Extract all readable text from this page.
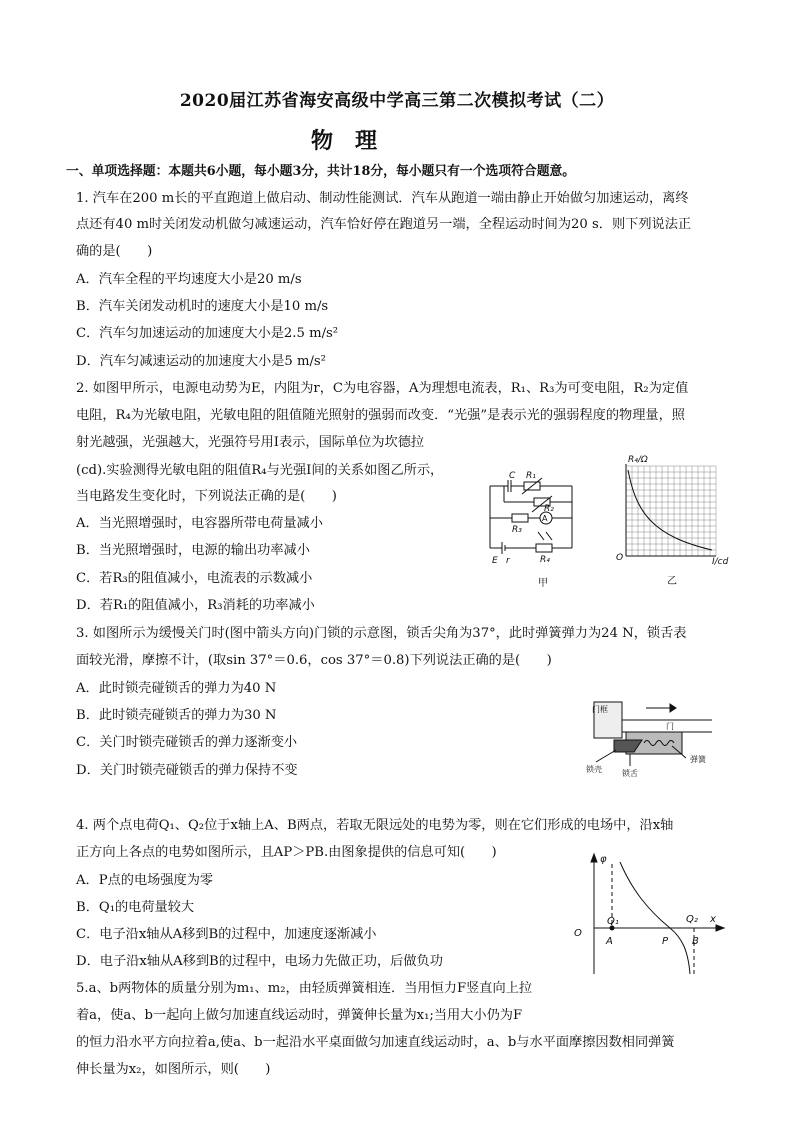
2020届江苏省海安高级中学高三第二次模拟考试（二）
物理
一、单项选择题：本题共6小题，每小题3分，共计18分，每小题只有一个选项符合题意。
1. 汽车在200 m长的平直跑道上做启动、制动性能测试．汽车从跑道一端由静止开始做匀加速运动，离终
点还有40 m时关闭发动机做匀减速运动，汽车恰好停在跑道另一端，全程运动时间为20 s．则下列说法正
确的是(　　)
A．汽车全程的平均速度大小是20 m/s
B．汽车关闭发动机时的速度大小是10 m/s
C．汽车匀加速运动的加速度大小是2.5 m/s²
D．汽车匀减速运动的加速度大小是5 m/s²
2. 如图甲所示，电源电动势为E，内阻为r，C为电容器，A为理想电流表，R₁、R₃为可变电阻，R₂为定值
电阻，R₄为光敏电阻，光敏电阻的阻值随光照射的强弱而改变．“光强”是表示光的强弱程度的物理量，照
射光越强，光强越大，光强符号用I表示，国际单位为坎德拉
(cd).实验测得光敏电阻的阻值R₄与光强I间的关系如图乙所示，
当电路发生变化时，下列说法正确的是(　　)
A．当光照增强时，电容器所带电荷量减小
B．当光照增强时，电源的输出功率减小
C．若R₃的阻值减小，电流表的示数减小
D．若R₁的阻值减小，R₃消耗的功率减小
C R₁
R₂
R₃
A
E r	R₄
甲
R₄/Ω
I/cd
O
乙
3. 如图所示为缓慢关门时(图中箭头方向)门锁的示意图，锁舌尖角为37°，此时弹簧弹力为24 N，锁舌表
面较光滑，摩擦不计，(取sin 37°＝0.6，cos 37°＝0.8)下列说法正确的是(　　)
A．此时锁壳碰锁舌的弹力为40 N
B．此时锁壳碰锁舌的弹力为30 N
C．关门时锁壳碰锁舌的弹力逐渐变小
D．关门时锁壳碰锁舌的弹力保持不变
门框
门
锁壳	锁舌
弹簧
4. 两个点电荷Q₁、Q₂位于x轴上A、B两点，若取无限远处的电势为零，则在它们形成的电场中，沿x轴
正方向上各点的电势如图所示，且AP＞PB.由图象提供的信息可知(　　)
A．P点的电场强度为零
B．Q₁的电荷量较大
C．电子沿x轴从A移到B的过程中，加速度逐渐减小
D．电子沿x轴从A移到B的过程中，电场力先做正功，后做负功
φ
O
Q₁	Q₂ x
A	P B
5.a、b两物体的质量分别为m₁、m₂，由轻质弹簧相连．当用恒力F竖直向上拉
着a，使a、b一起向上做匀加速直线运动时，弹簧伸长量为x₁;当用大小仍为F
的恒力沿水平方向拉着a,使a、b一起沿水平桌面做匀加速直线运动时，a、b与水平面摩擦因数相同弹簧
伸长量为x₂，如图所示，则(　　)
